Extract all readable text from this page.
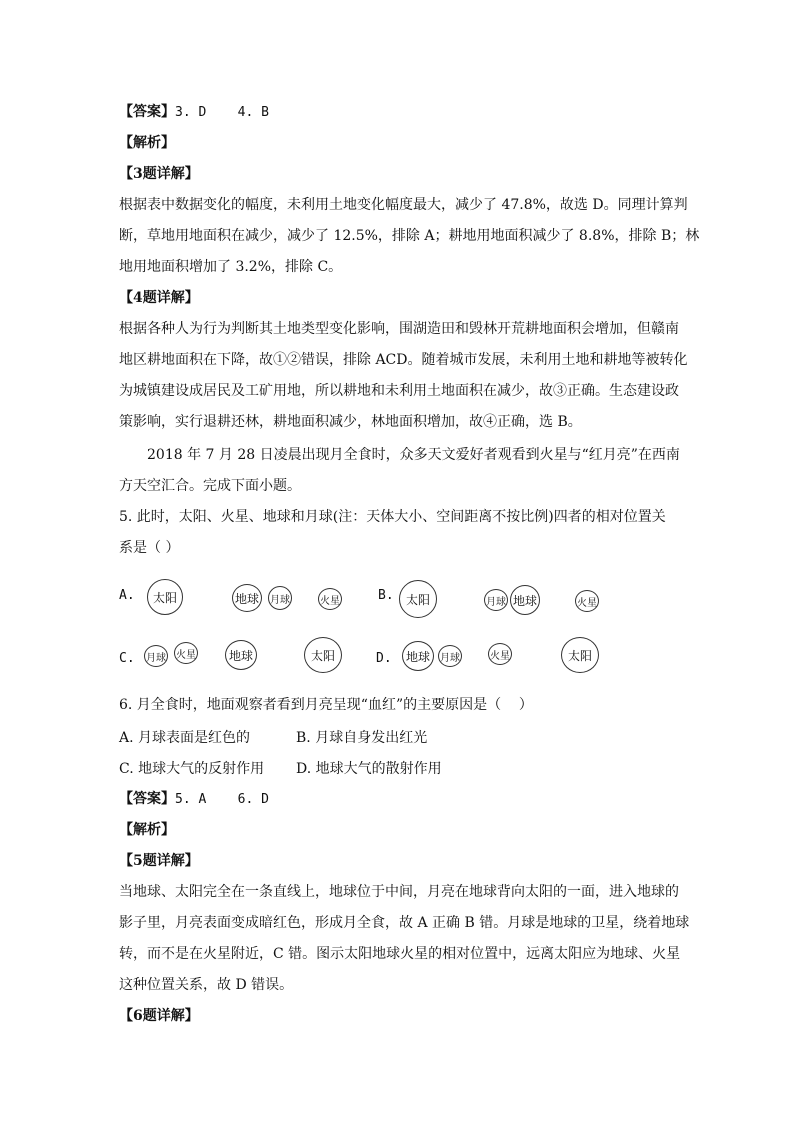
【答案】3. D    4. B
【解析】
【3题详解】
根据表中数据变化的幅度，未利用土地变化幅度最大，减少了 47.8%，故选 D。同理计算判
断，草地用地面积在减少，减少了 12.5%，排除 A；耕地用地面积减少了 8.8%，排除 B；林
地用地面积增加了 3.2%，排除 C。
【4题详解】
根据各种人为行为判断其土地类型变化影响，围湖造田和毁林开荒耕地面积会增加，但赣南
地区耕地面积在下降，故①②错误，排除 ACD。随着城市发展，未利用土地和耕地等被转化
为城镇建设成居民及工矿用地，所以耕地和未利用土地面积在减少，故③正确。生态建设政
策影响，实行退耕还林，耕地面积减少，林地面积增加，故④正确，选 B。
2018 年 7 月 28 日凌晨出现月全食时，众多天文爱好者观看到火星与“红月亮”在西南
方天空汇合。完成下面小题。
5. 此时，太阳、火星、地球和月球(注：天体大小、空间距离不按比例)四者的相对位置关
系是（ ）
A.	太阳	地球	月球	火星	B.	太阳	月球 地球	火星
C. 月球 火星	地球	太阳	D.	地球	月球	火星	太阳
6. 月全食时，地面观察者看到月亮呈现“血红”的主要原因是（    ）
A. 月球表面是红色的	B. 月球自身发出红光
C. 地球大气的反射作用 D. 地球大气的散射作用
【答案】5. A    6. D
【解析】
【5题详解】
当地球、太阳完全在一条直线上，地球位于中间，月亮在地球背向太阳的一面，进入地球的
影子里，月亮表面变成暗红色，形成月全食，故 A 正确 B 错。月球是地球的卫星，绕着地球
转，而不是在火星附近，C 错。图示太阳地球火星的相对位置中，远离太阳应为地球、火星
这种位置关系，故 D 错误。
【6题详解】
